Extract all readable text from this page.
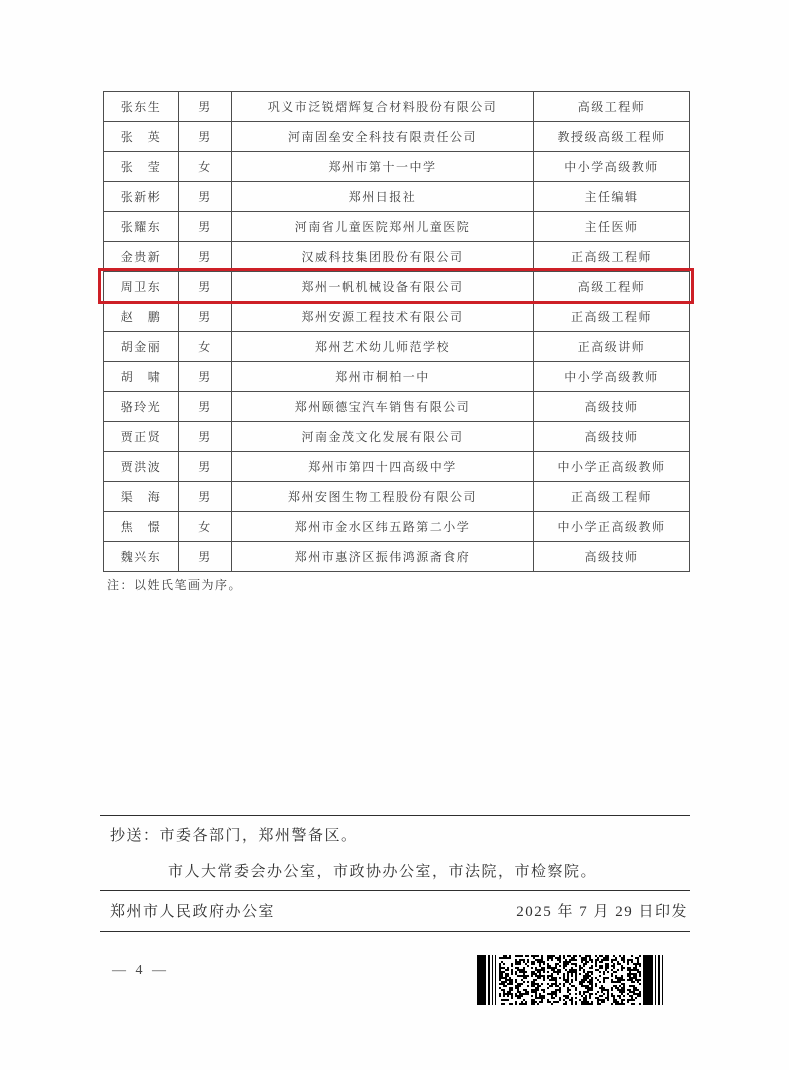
张东生	男	巩义市泛锐熠辉复合材料股份有限公司	高级工程师
张　英	男	河南固垒安全科技有限责任公司	教授级高级工程师
张　莹	女	郑州市第十一中学	中小学高级教师
张新彬	男	郑州日报社	主任编辑
张耀东	男	河南省儿童医院郑州儿童医院	主任医师
金贵新	男	汉威科技集团股份有限公司	正高级工程师
周卫东	男	郑州一帆机械设备有限公司	高级工程师
赵　鹏	男	郑州安源工程技术有限公司	正高级工程师
胡金丽	女	郑州艺术幼儿师范学校	正高级讲师
胡　啸	男	郑州市桐柏一中	中小学高级教师
骆玲光	男	郑州颐德宝汽车销售有限公司	高级技师
贾正贤	男	河南金茂文化发展有限公司	高级技师
贾洪波	男	郑州市第四十四高级中学	中小学正高级教师
渠　海	男	郑州安图生物工程股份有限公司	正高级工程师
焦　憬	女	郑州市金水区纬五路第二小学	中小学正高级教师
魏兴东	男	郑州市惠济区振伟鸿源斋食府	高级技师
注：以姓氏笔画为序。
抄送：市委各部门，郑州警备区。
市人大常委会办公室，市政协办公室，市法院，市检察院。
郑州市人民政府办公室	2025 年 7 月 29 日印发
— 4 —
